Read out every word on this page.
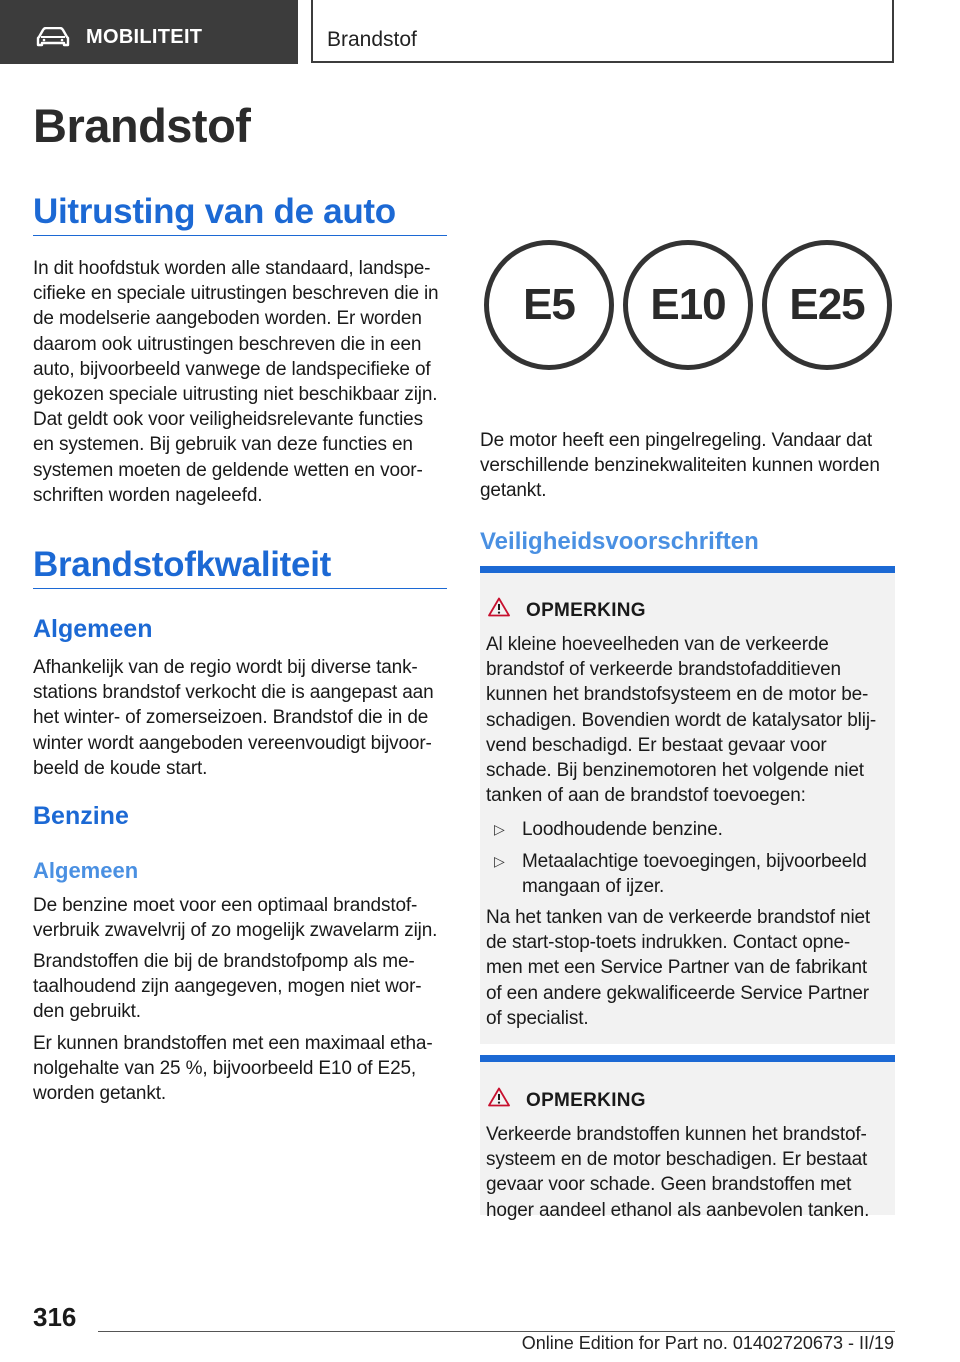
MOBILITEIT	Brandstof
Brandstof
Uitrusting van de auto
In dit hoofdstuk worden alle standaard, landspe-
cifieke en speciale uitrustingen beschreven die in
de modelserie aangeboden worden. Er worden
daarom ook uitrustingen beschreven die in een
auto, bijvoorbeeld vanwege de landspecifieke of
gekozen speciale uitrusting niet beschikbaar zijn.
Dat geldt ook voor veiligheidsrelevante functies
en systemen. Bij gebruik van deze functies en
systemen moeten de geldende wetten en voor-
schriften worden nageleefd.
Brandstofkwaliteit
Algemeen
Afhankelijk van de regio wordt bij diverse tank-
stations brandstof verkocht die is aangepast aan
het winter- of zomerseizoen. Brandstof die in de
winter wordt aangeboden vereenvoudigt bijvoor-
beeld de koude start.
Benzine
Algemeen
De benzine moet voor een optimaal brandstof-
verbruik zwavelvrij of zo mogelijk zwavelarm zijn.
Brandstoffen die bij de brandstofpomp als me-
taalhoudend zijn aangegeven, mogen niet wor-
den gebruikt.
Er kunnen brandstoffen met een maximaal etha-
nolgehalte van 25 %, bijvoorbeeld E10 of E25,
worden getankt.
E5 E10 E25
De motor heeft een pingelregeling. Vandaar dat
verschillende benzinekwaliteiten kunnen worden
getankt.
Veiligheidsvoorschriften
OPMERKING
Al kleine hoeveelheden van de verkeerde
brandstof of verkeerde brandstofadditieven
kunnen het brandstofsysteem en de motor be-
schadigen. Bovendien wordt de katalysator blij-
vend beschadigd. Er bestaat gevaar voor
schade. Bij benzinemotoren het volgende niet
tanken of aan de brandstof toevoegen:
▷ Loodhoudende benzine.
▷ Metaalachtige toevoegingen, bijvoorbeeld
mangaan of ijzer.
Na het tanken van de verkeerde brandstof niet
de start-stop-toets indrukken. Contact opne-
men met een Service Partner van de fabrikant
of een andere gekwalificeerde Service Partner
of specialist.
OPMERKING
Verkeerde brandstoffen kunnen het brandstof-
systeem en de motor beschadigen. Er bestaat
gevaar voor schade. Geen brandstoffen met
hoger aandeel ethanol als aanbevolen tanken.
316
Online Edition for Part no. 01402720673 - II/19
